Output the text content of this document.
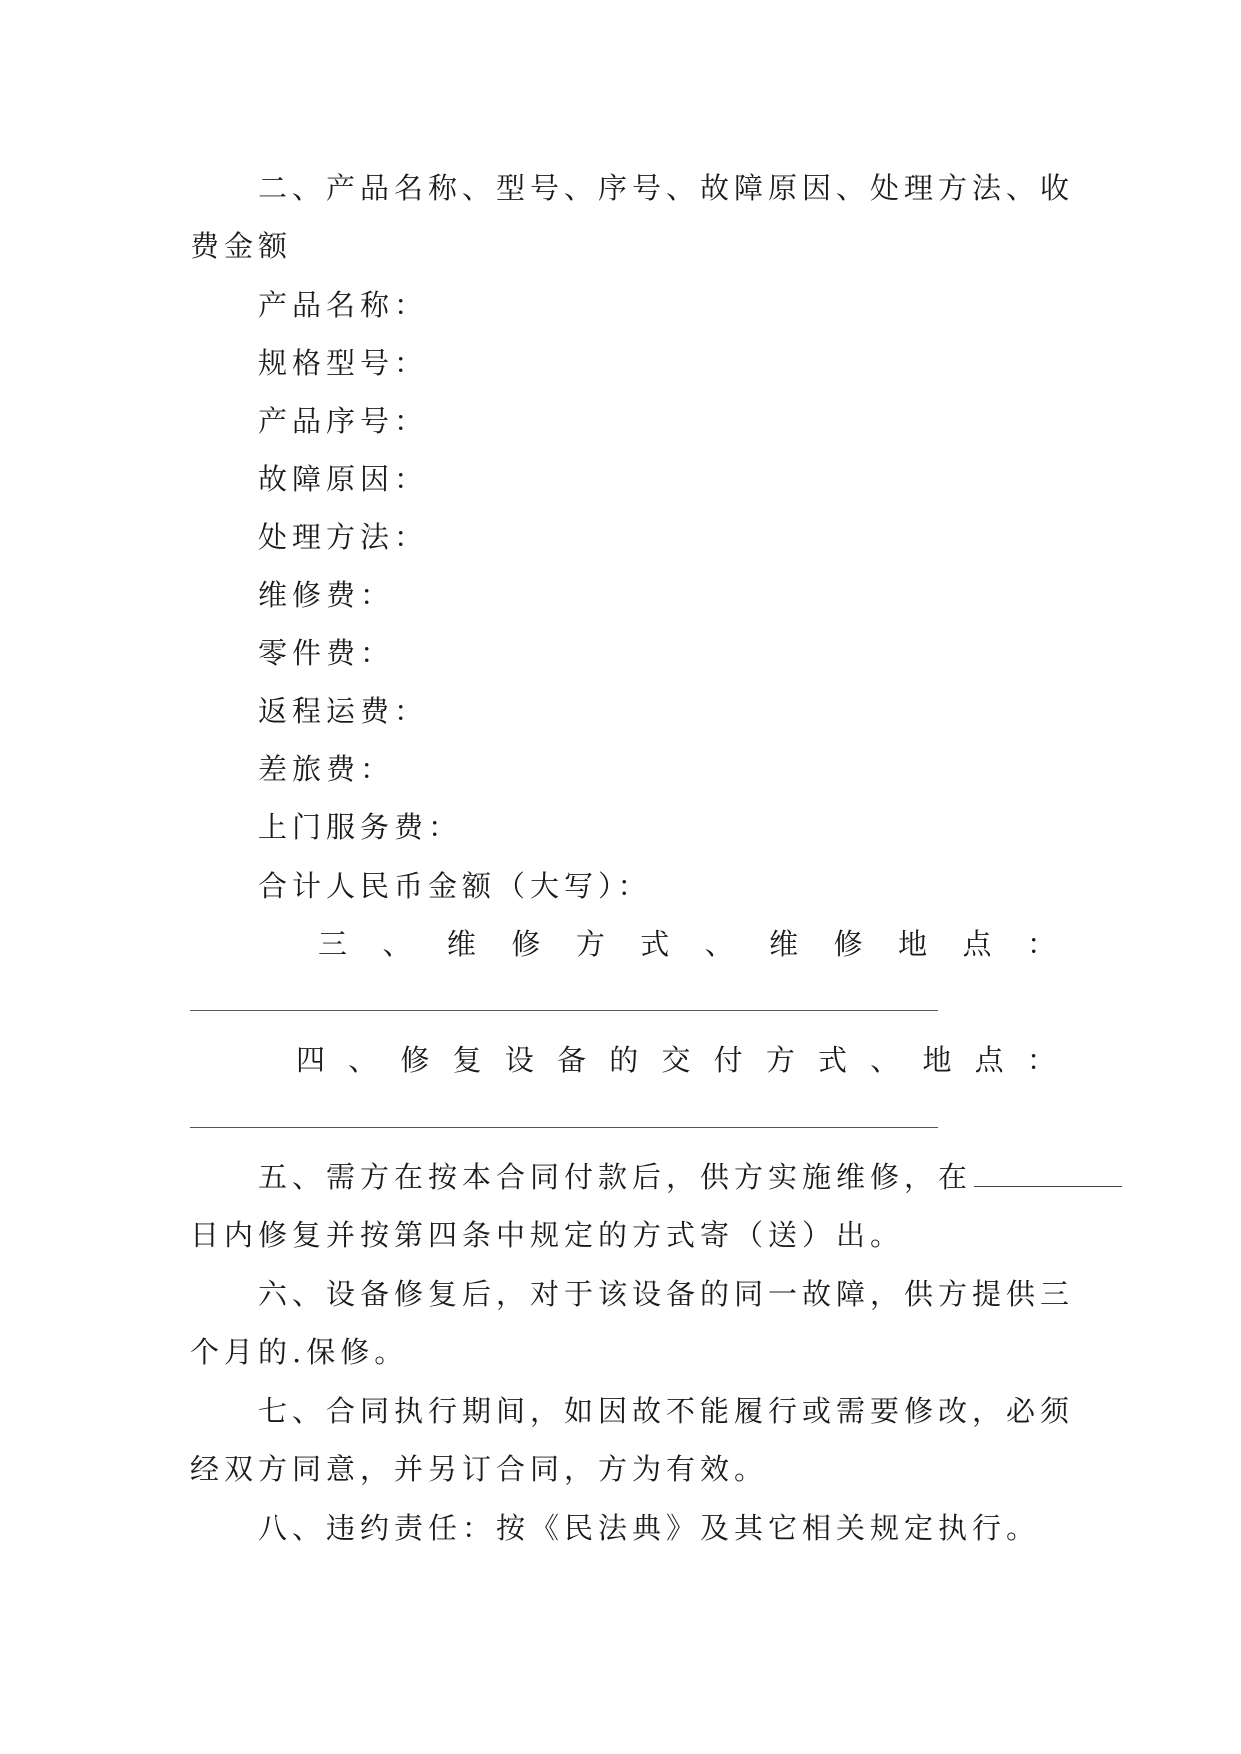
二、产品名称、型号、序号、故障原因、处理方法、收
费金额
产品名称：
规格型号：
产品序号：
故障原因：
处理方法：
维修费：
零件费：
返程运费：
差旅费：
上门服务费：
合计人民币金额（大写）：
三 、 维 修 方 式 、 维 修 地 点 ：
四 、 修 复 设 备 的 交 付 方 式 、 地 点 ：
五、需方在按本合同付款后，供方实施维修，在
日内修复并按第四条中规定的方式寄（送）出。
六、设备修复后，对于该设备的同一故障，供方提供三
个月的.保修。
七、合同执行期间，如因故不能履行或需要修改，必须
经双方同意，并另订合同，方为有效。
八、违约责任：按《民法典》及其它相关规定执行。
